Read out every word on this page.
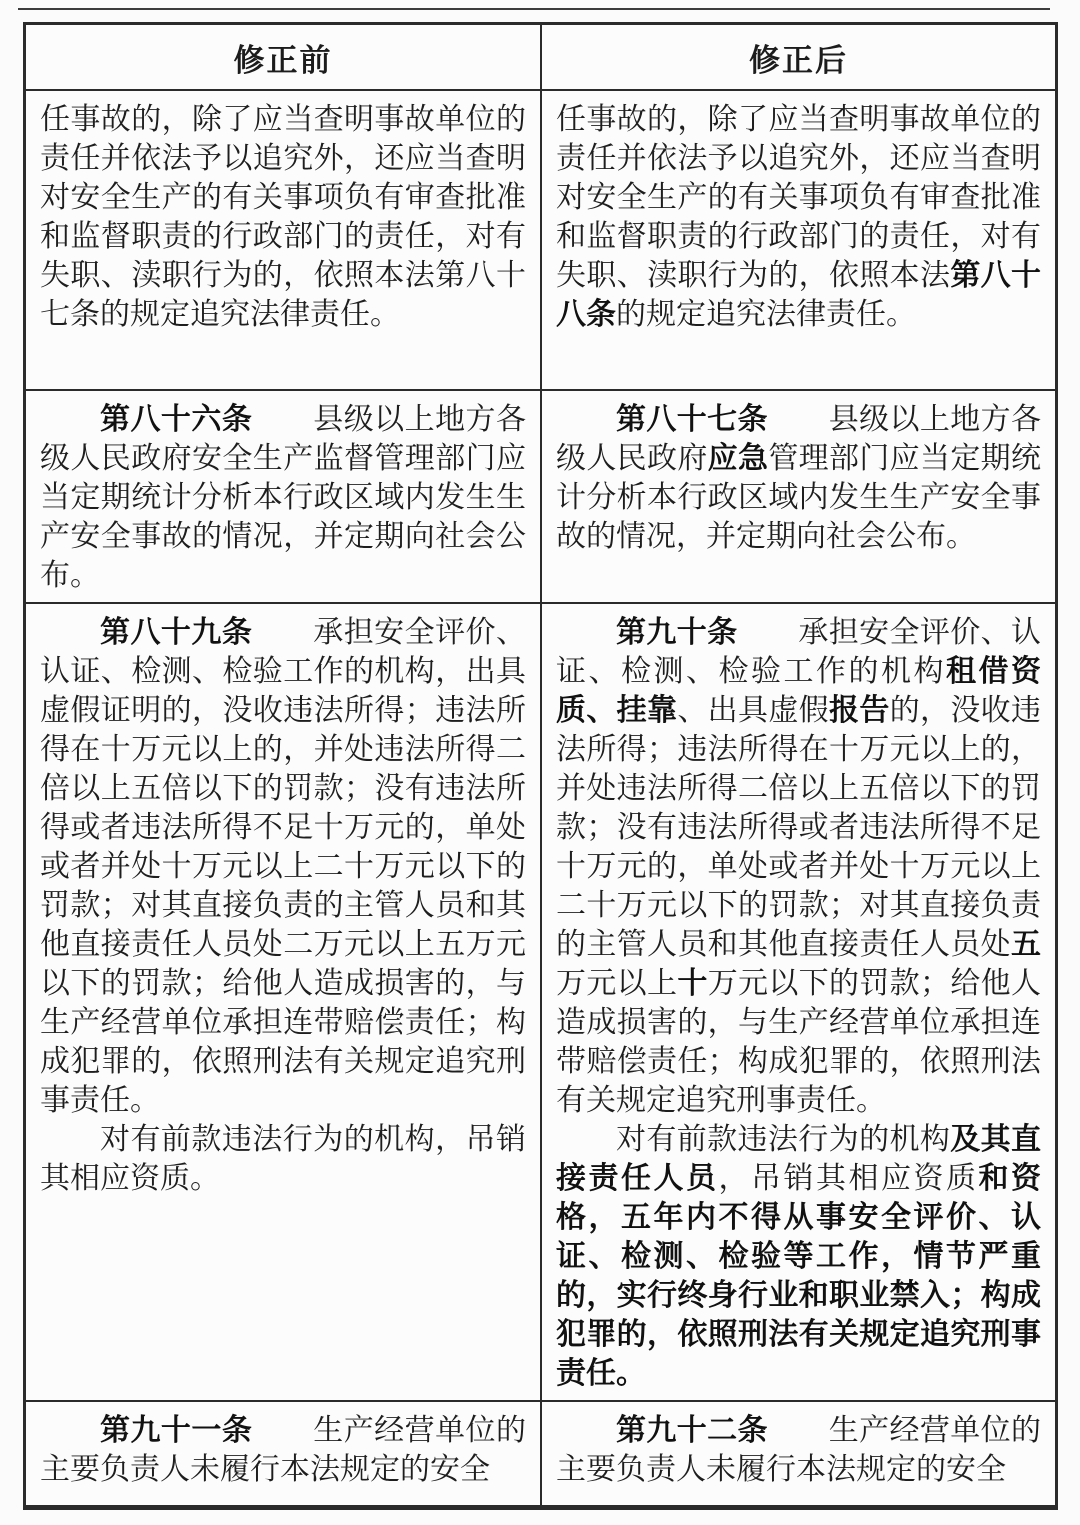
修正前	修正后

任事故的，除了应当查明事故单位的责任并依法予以追究外，还应当查明对安全生产的有关事项负有审查批准和监督职责的行政部门的责任，对有失职、渎职行为的，依照本法第八十七条的规定追究法律责任。

任事故的，除了应当查明事故单位的责任并依法予以追究外，还应当查明对安全生产的有关事项负有审查批准和监督职责的行政部门的责任，对有失职、渎职行为的，依照本法第八十八条的规定追究法律责任。

第八十六条　　县级以上地方各级人民政府安全生产监督管理部门应当定期统计分析本行政区域内发生生产安全事故的情况，并定期向社会公布。

第八十七条　　县级以上地方各级人民政府应急管理部门应当定期统计分析本行政区域内发生生产安全事故的情况，并定期向社会公布。

第八十九条　　承担安全评价、认证、检测、检验工作的机构，出具虚假证明的，没收违法所得；违法所得在十万元以上的，并处违法所得二倍以上五倍以下的罚款；没有违法所得或者违法所得不足十万元的，单处或者并处十万元以上二十万元以下的罚款；对其直接负责的主管人员和其他直接责任人员处二万元以上五万元以下的罚款；给他人造成损害的，与生产经营单位承担连带赔偿责任；构成犯罪的，依照刑法有关规定追究刑事责任。

对有前款违法行为的机构，吊销其相应资质。

第九十条　　承担安全评价、认证、检测、检验工作的机构租借资质、挂靠、出具虚假报告的，没收违法所得；违法所得在十万元以上的，并处违法所得二倍以上五倍以下的罚款；没有违法所得或者违法所得不足十万元的，单处或者并处十万元以上二十万元以下的罚款；对其直接负责的主管人员和其他直接责任人员处五万元以上十万元以下的罚款；给他人造成损害的，与生产经营单位承担连带赔偿责任；构成犯罪的，依照刑法有关规定追究刑事责任。

对有前款违法行为的机构及其直接责任人员，吊销其相应资质和资格，五年内不得从事安全评价、认证、检测、检验等工作，情节严重的，实行终身行业和职业禁入；构成犯罪的，依照刑法有关规定追究刑事责任。

第九十一条　　生产经营单位的主要负责人未履行本法规定的安全

第九十二条　　生产经营单位的主要负责人未履行本法规定的安全
